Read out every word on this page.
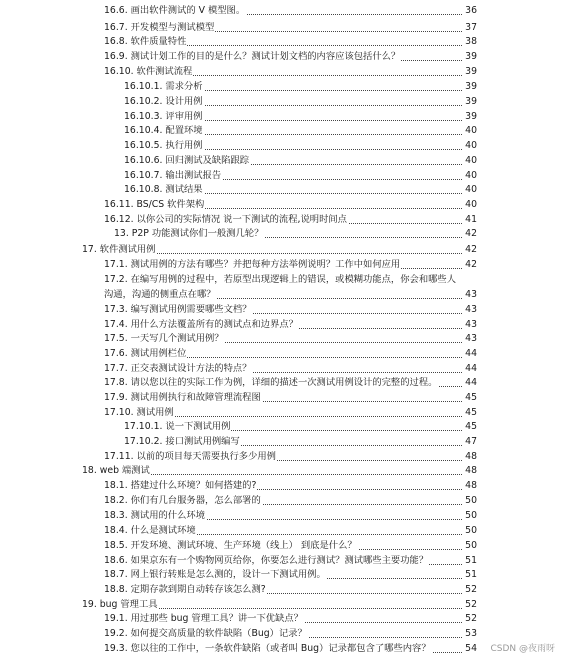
16.6. 画出软件测试的 V 模型图。	36
16.7. 开发模型与测试模型	37
16.8. 软件质量特性	38
16.9. 测试计划工作的目的是什么？测试计划文档的内容应该包括什么？	39
16.10. 软件测试流程	39
16.10.1. 需求分析	39
16.10.2. 设计用例	39
16.10.3. 评审用例	39
16.10.4. 配置环境	40
16.10.5. 执行用例	40
16.10.6. 回归测试及缺陷跟踪	40
16.10.7. 输出测试报告	40
16.10.8. 测试结果	40
16.11. BS/CS 软件架构	40
16.12. 以你公司的实际情况 说一下测试的流程,说明时间点	41
13. P2P 功能测试你们一般测几轮？	42
17. 软件测试用例	42
17.1. 测试用例的方法有哪些？并把每种方法举例说明？工作中如何应用	42
17.2. 在编写用例的过程中，若原型出现逻辑上的错误，或模糊功能点，你会和哪些人
沟通，沟通的侧重点在哪？	43
17.3. 编写测试用例需要哪些文档？	43
17.4. 用什么方法覆盖所有的测试点和边界点？	43
17.5. 一天写几个测试用例？	43
17.6. 测试用例栏位	44
17.7. 正交表测试设计方法的特点？	44
17.8. 请以您以往的实际工作为例，详细的描述一次测试用例设计的完整的过程。	44
17.9. 测试用例执行和故障管理流程图	45
17.10. 测试用例	45
17.10.1. 说一下测试用例	45
17.10.2. 接口测试用例编写	47
17.11. 以前的项目每天需要执行多少用例	48
18. web 端测试	48
18.1. 搭建过什么环境？如何搭建的?	48
18.2. 你们有几台服务器，怎么部署的	50
18.3. 测试用的什么环境	50
18.4. 什么是测试环境	50
18.5. 开发环境、测试环境、生产环境（线上） 到底是什么？	50
18.6. 如果京东有一个购物网页给你，你要怎么进行测试？测试哪些主要功能？	51
18.7. 网上银行转账是怎么测的，设计一下测试用例。	51
18.8. 定期存款到期自动转存该怎么测?	52
19. bug 管理工具	52
19.1. 用过那些 bug 管理工具？讲一下优缺点？	52
19.2. 如何提交高质量的软件缺陷（Bug）记录？	53
19.3. 您以往的工作中，一条软件缺陷（或者叫 Bug）记录都包含了哪些内容？	54	CSDN @夜雨呀
